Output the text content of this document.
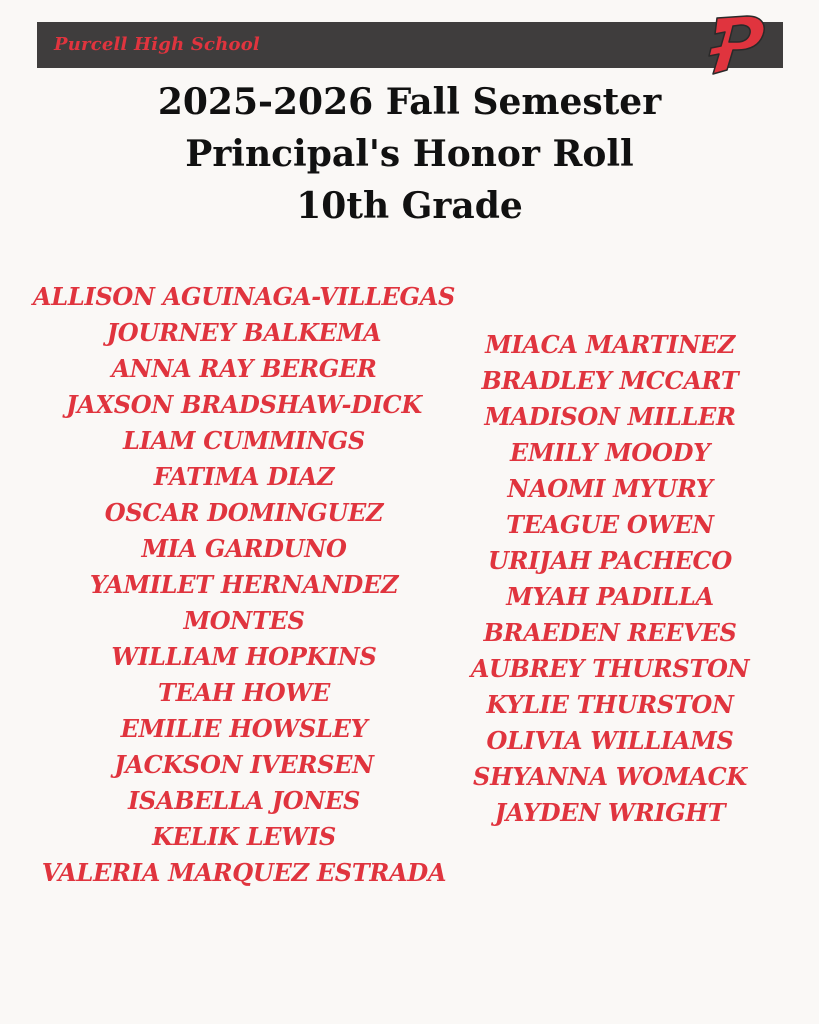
Purcell High School
2025-2026 Fall Semester
Principal's Honor Roll
10th Grade
ALLISON AGUINAGA-VILLEGAS
JOURNEY BALKEMA
ANNA RAY BERGER
JAXSON BRADSHAW-DICK
LIAM CUMMINGS
FATIMA DIAZ
OSCAR DOMINGUEZ
MIA GARDUNO
YAMILET HERNANDEZ
MONTES
WILLIAM HOPKINS
TEAH HOWE
EMILIE HOWSLEY
JACKSON IVERSEN
ISABELLA JONES
KELIK LEWIS
VALERIA MARQUEZ ESTRADA
MIACA MARTINEZ
BRADLEY MCCART
MADISON MILLER
EMILY MOODY
NAOMI MYURY
TEAGUE OWEN
URIJAH PACHECO
MYAH PADILLA
BRAEDEN REEVES
AUBREY THURSTON
KYLIE THURSTON
OLIVIA WILLIAMS
SHYANNA WOMACK
JAYDEN WRIGHT
